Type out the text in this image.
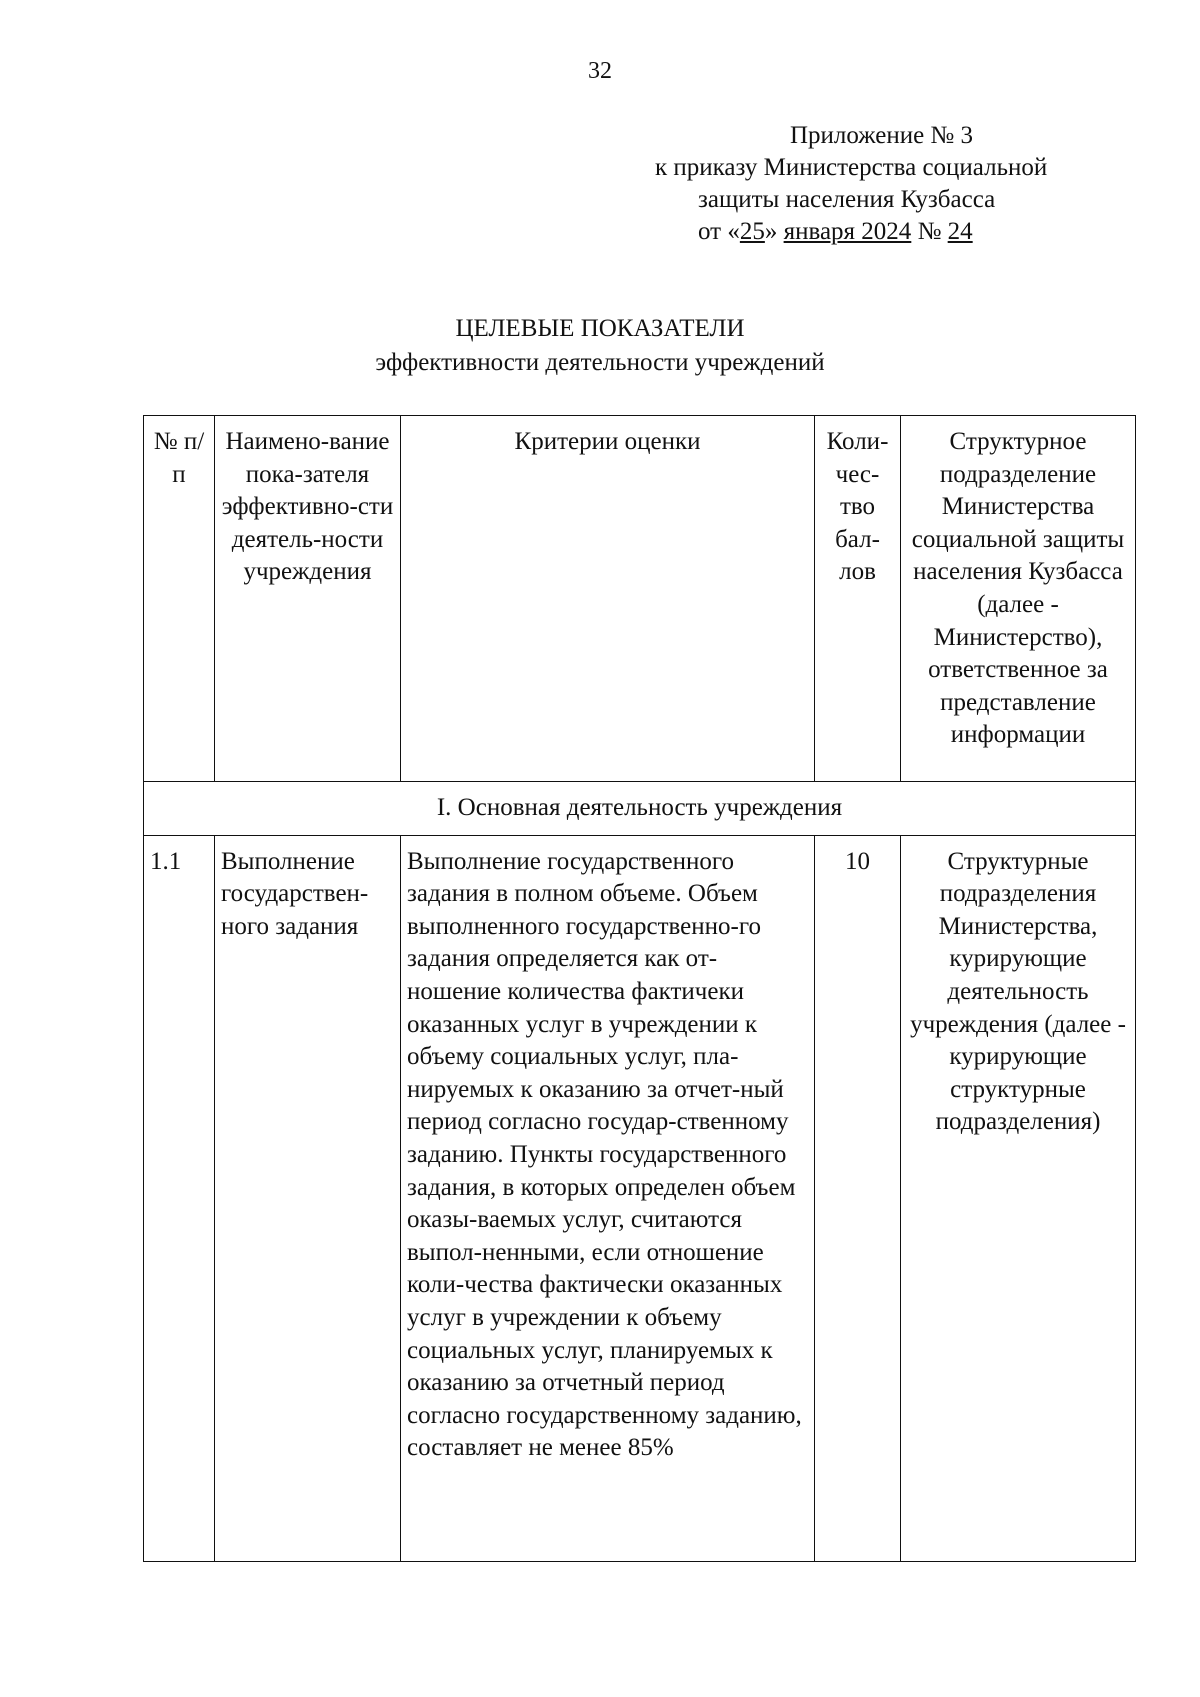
32
Приложение № 3
к приказу Министерства социальной
защиты населения Кузбасса
от «25» января 2024 № 24
ЦЕЛЕВЫЕ ПОКАЗАТЕЛИ
эффективности деятельности учреждений
№ п/п	Наимено-вание пока-зателя эффективно-сти деятель-ности учреждения	Критерии оценки	Коли-чес-тво бал-лов	Структурное подразделение Министерства социальной защиты населения Кузбасса (далее - Министерство), ответственное за представление информации
I. Основная деятельность учреждения				
1.1	Выполнение государствен-ного задания	Выполнение государственного задания в полном объеме. Объем выполненного государственно-го задания определяется как от-ношение количества фактичеки оказанных услуг в учреждении к объему социальных услуг, пла-нируемых к оказанию за отчет-ный период согласно государ-ственному заданию. Пункты государственного задания, в которых определен объем оказы-ваемых услуг, считаются выпол-ненными, если отношение коли-чества фактически оказанных услуг в учреждении к объему социальных услуг, планируемых к оказанию за отчетный период согласно государственному заданию, составляет не менее 85%	10	Структурные подразделения Министерства, курирующие деятельность учреждения (далее - курирующие структурные подразделения)
